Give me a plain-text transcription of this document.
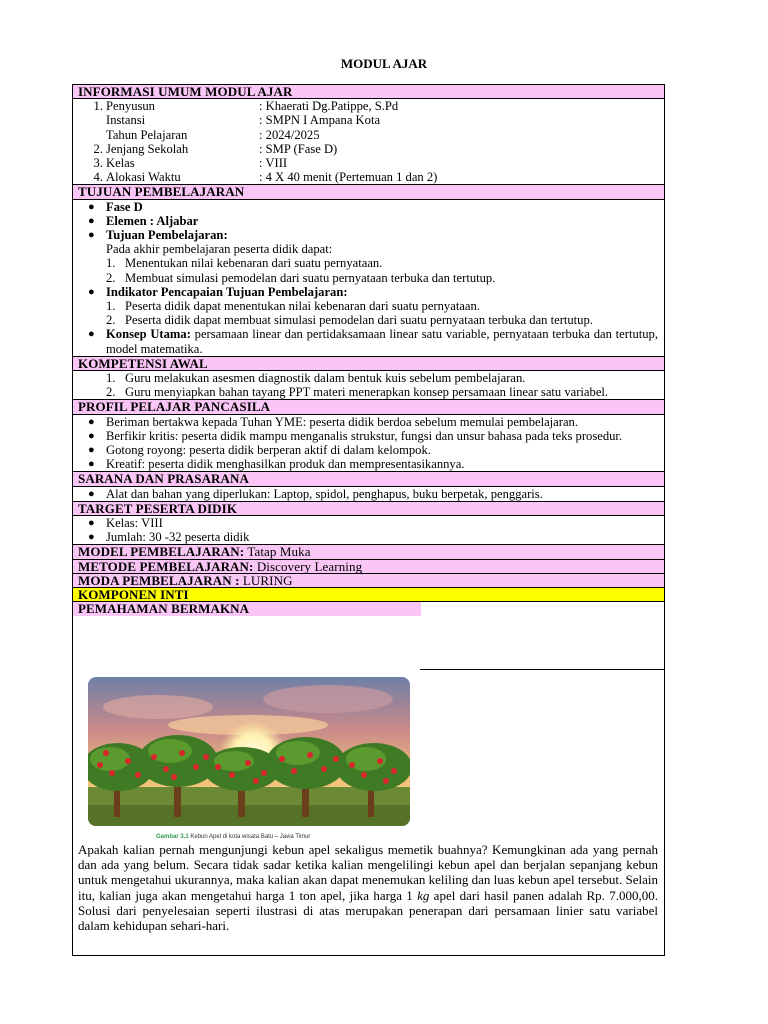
MODUL AJAR
INFORMASI UMUM MODUL AJAR
1. Penyusun	: Khaerati Dg.Patippe, S.Pd
Instansi	: SMPN I Ampana Kota
Tahun Pelajaran	: 2024/2025
2. Jenjang Sekolah	: SMP (Fase D)
3. Kelas	: VIII
4. Alokasi Waktu	: 4 X 40 menit (Pertemuan 1 dan 2)
TUJUAN PEMBELAJARAN
● Fase D
● Elemen : Aljabar
● Tujuan Pembelajaran:
Pada akhir pembelajaran peserta didik dapat:
1. Menentukan nilai kebenaran dari suatu pernyataan.
2. Membuat simulasi pemodelan dari suatu pernyataan terbuka dan tertutup.
● Indikator Pencapaian Tujuan Pembelajaran:
1. Peserta didik dapat menentukan nilai kebenaran dari suatu pernyataan.
2. Peserta didik dapat membuat simulasi pemodelan dari suatu pernyataan terbuka dan tertutup.
● Konsep Utama: persamaan linear dan pertidaksamaan linear satu variable, pernyataan terbuka dan tertutup, model matematika.
KOMPETENSI AWAL
1. Guru melakukan asesmen diagnostik dalam bentuk kuis sebelum pembelajaran.
2. Guru menyiapkan bahan tayang PPT materi menerapkan konsep persamaan linear satu variabel.
PROFIL PELAJAR PANCASILA
● Beriman bertakwa kepada Tuhan YME: peserta didik berdoa sebelum memulai pembelajaran.
● Berfikir kritis: peserta didik mampu menganalis strukstur, fungsi dan unsur bahasa pada teks prosedur.
● Gotong royong: peserta didik berperan aktif di dalam kelompok.
● Kreatif: peserta didik menghasilkan produk dan mempresentasikannya.
SARANA DAN PRASARANA
● Alat dan bahan yang diperlukan: Laptop, spidol, penghapus, buku berpetak, penggaris.
TARGET PESERTA DIDIK
● Kelas: VIII
● Jumlah: 30 -32 peserta didik
MODEL PEMBELAJARAN: Tatap Muka
METODE PEMBELAJARAN: Discovery Learning
MODA PEMBELAJARAN : LURING
KOMPONEN INTI
PEMAHAMAN BERMAKNA
Gambar 3.1 Kebun Apel di kota wisata Batu – Jawa Timur
Apakah kalian pernah mengunjungi kebun apel sekaligus memetik buahnya? Kemungkinan ada yang pernah dan ada yang belum. Secara tidak sadar ketika kalian mengelilingi kebun apel dan berjalan sepanjang kebun untuk mengetahui ukurannya, maka kalian akan dapat menemukan keliling dan luas kebun apel tersebut. Selain itu, kalian juga akan mengetahui harga 1 ton apel, jika harga 1 kg apel dari hasil panen adalah Rp. 7.000,00. Solusi dari penyelesaian seperti ilustrasi di atas merupakan penerapan dari persamaan linier satu variabel dalam kehidupan sehari-hari.
